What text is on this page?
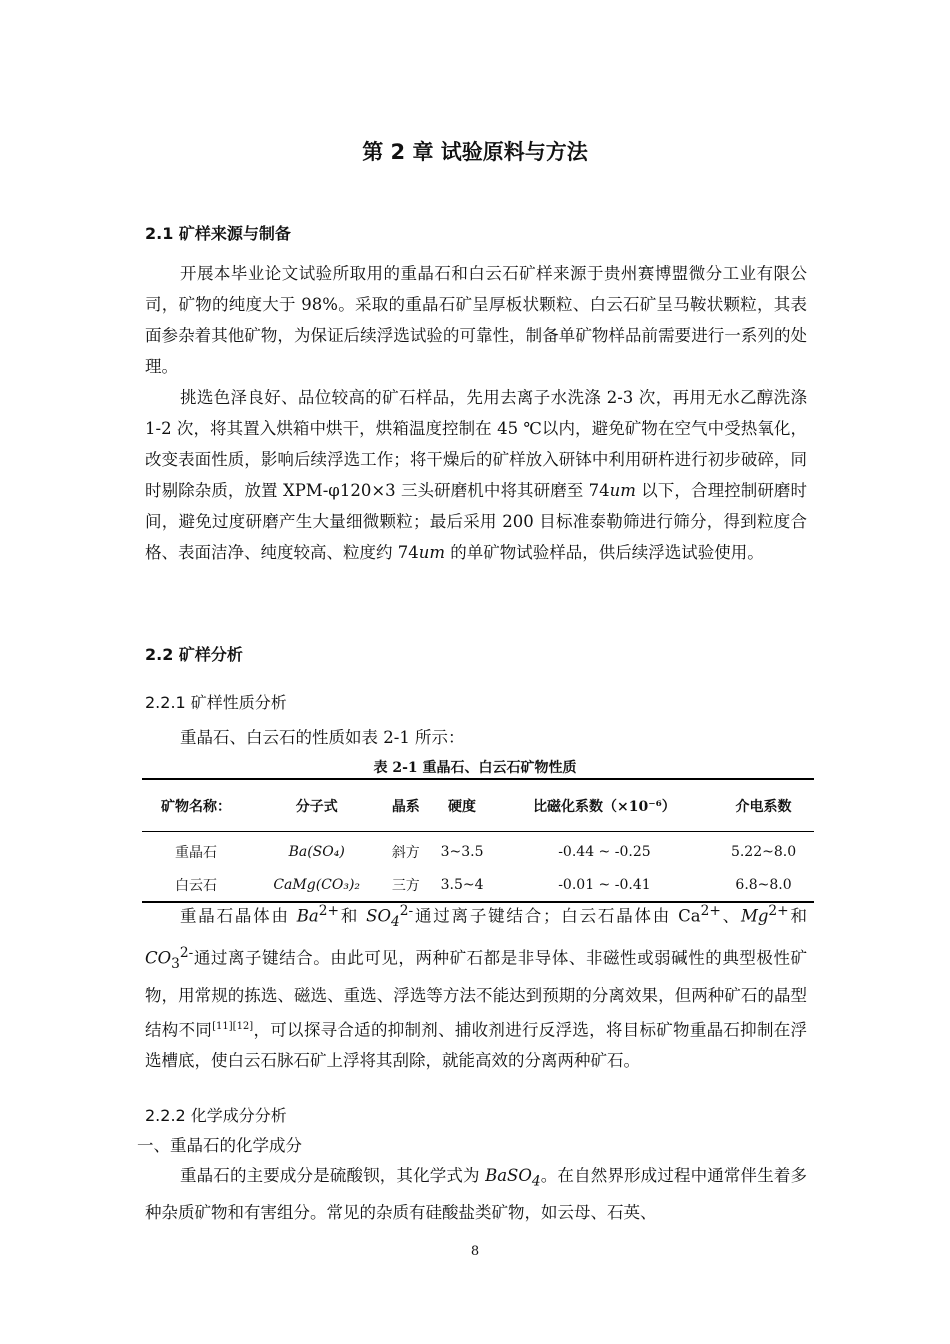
第 2 章 试验原料与方法
2.1 矿样来源与制备
开展本毕业论文试验所取用的重晶石和白云石矿样来源于贵州赛博盟微分工业有限公司，矿物的纯度大于 98%。采取的重晶石矿呈厚板状颗粒、白云石矿呈马鞍状颗粒，其表面参杂着其他矿物，为保证后续浮选试验的可靠性，制备单矿物样品前需要进行一系列的处理。
挑选色泽良好、品位较高的矿石样品，先用去离子水洗涤 2-3 次，再用无水乙醇洗涤 1-2 次，将其置入烘箱中烘干，烘箱温度控制在 45 ℃以内，避免矿物在空气中受热氧化，改变表面性质，影响后续浮选工作；将干燥后的矿样放入研钵中利用研杵进行初步破碎，同时剔除杂质，放置 XPM-φ120×3 三头研磨机中将其研磨至 74um 以下，合理控制研磨时间，避免过度研磨产生大量细微颗粒；最后采用 200 目标准泰勒筛进行筛分，得到粒度合格、表面洁净、纯度较高、粒度约 74um 的单矿物试验样品，供后续浮选试验使用。
2.2 矿样分析
2.2.1 矿样性质分析
重晶石、白云石的性质如表 2-1 所示：
表 2-1 重晶石、白云石矿物性质
矿物名称：	分子式	晶系	硬度	比磁化系数（×10⁻⁶）	介电系数
重晶石	Ba(SO₄)	斜方	3~3.5	-0.44 ~ -0.25	5.22~8.0
白云石	CaMg(CO₃)₂	三方	3.5~4	-0.01 ~ -0.41	6.8~8.0
重晶石晶体由 $Ba^{2+}$和 $SO_4^{2-}$通过离子键结合；白云石晶体由 $Ca^{2+}$、$Mg^{2+}$和 $CO_3^{2-}$通过离子键结合。由此可见，两种矿石都是非导体、非磁性或弱碱性的典型极性矿物，用常规的拣选、磁选、重选、浮选等方法不能达到预期的分离效果，但两种矿石的晶型结构不同[11][12]，可以探寻合适的抑制剂、捕收剂进行反浮选，将目标矿物重晶石抑制在浮选槽底，使白云石脉石矿上浮将其刮除，就能高效的分离两种矿石。
2.2.2 化学成分分析
一、重晶石的化学成分
重晶石的主要成分是硫酸钡，其化学式为 BaSO$_4$。在自然界形成过程中通常伴生着多种杂质矿物和有害组分。常见的杂质有硅酸盐类矿物，如云母、石英、
8
